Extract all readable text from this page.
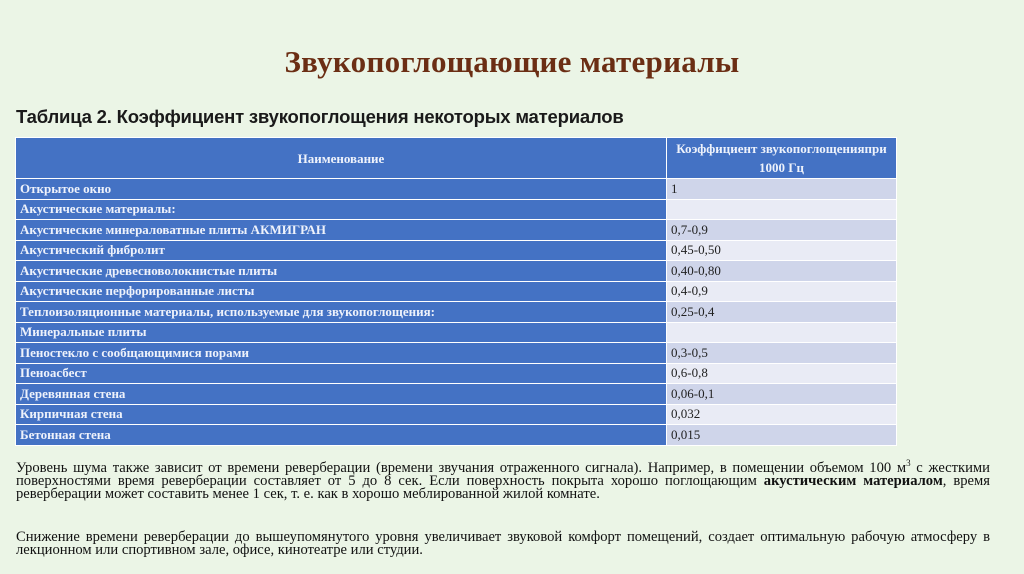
Звукопоглощающие материалы
Таблица 2. Коэффициент звукопоглощения некоторых материалов
Наименование	Коэффициент звукопоглощенияпри 1000 Гц
Открытое окно	1
Акустические материалы:	
Акустические минераловатные плиты АКМИГРАН	0,7-0,9
Акустический фибролит	0,45-0,50
Акустические древесноволокнистые плиты	0,40-0,80
Акустические перфорированные листы	0,4-0,9
Теплоизоляционные материалы, используемые для звукопоглощения:	0,25-0,4
Минеральные плиты	
Пеностекло с сообщающимися порами	0,3-0,5
Пеноасбест	0,6-0,8
Деревянная стена	0,06-0,1
Кирпичная стена	0,032
Бетонная стена	0,015

Уровень шума также зависит от времени реверберации (времени звучания отраженного сигнала). Например, в помещении объемом 100 $м^3$ с жесткими поверхностями время реверберации составляет от 5 до 8 сек. Если поверхность покрыта хорошо поглощающим акустическим материалом, время реверберации может составить менее 1 сек, т. е. как в хорошо меблированной жилой комнате.

Снижение времени реверберации до вышеупомянутого уровня увеличивает звуковой комфорт помещений, создает оптимальную рабочую атмосферу в лекционном или спортивном зале, офисе, кинотеатре или студии.
